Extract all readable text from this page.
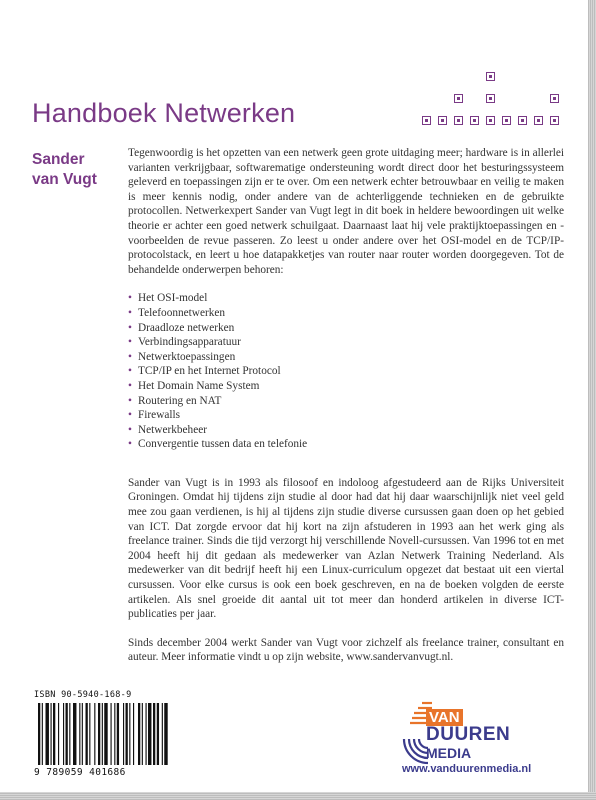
Handboek Netwerken
Sander
van Vugt

Tegenwoordig is het opzetten van een netwerk geen grote uitdaging meer; hardware is in allerlei varianten verkrijgbaar, softwarematige ondersteuning wordt direct door het besturingssysteem geleverd en toepassingen zijn er te over. Om een netwerk echter betrouwbaar en veilig te maken is meer kennis nodig, onder andere van de achterliggende technieken en de gebruikte protocollen. Netwerkexpert Sander van Vugt legt in dit boek in heldere bewoordingen uit welke theorie er achter een goed netwerk schuilgaat. Daarnaast laat hij vele praktijktoepassingen en -voorbeelden de revue passeren. Zo leest u onder andere over het OSI-model en de TCP/IP-protocolstack, en leert u hoe datapakketjes van router naar router worden doorgegeven. Tot de behandelde onderwerpen behoren:

• Het OSI-model
• Telefoonnetwerken
• Draadloze netwerken
• Verbindingsapparatuur
• Netwerktoepassingen
• TCP/IP en het Internet Protocol
• Het Domain Name System
• Routering en NAT
• Firewalls
• Netwerkbeheer
• Convergentie tussen data en telefonie

Sander van Vugt is in 1993 als filosoof en indoloog afgestudeerd aan de Rijks Universiteit Groningen. Omdat hij tijdens zijn studie al door had dat hij daar waarschijnlijk niet veel geld mee zou gaan verdienen, is hij al tijdens zijn studie diverse cursussen gaan doen op het gebied van ICT. Dat zorgde ervoor dat hij kort na zijn afstuderen in 1993 aan het werk ging als freelance trainer. Sinds die tijd verzorgt hij verschillende Novell-cursussen. Van 1996 tot en met 2004 heeft hij dit gedaan als medewerker van Azlan Netwerk Training Nederland. Als medewerker van dit bedrijf heeft hij een Linux-curriculum opgezet dat bestaat uit een viertal cursussen. Voor elke cursus is ook een boek geschreven, en na de boeken volgden de eerste artikelen. Als snel groeide dit aantal uit tot meer dan honderd artikelen in diverse ICT-publicaties per jaar.

Sinds december 2004 werkt Sander van Vugt voor zichzelf als freelance trainer, consultant en auteur. Meer informatie vindt u op zijn website, www.sandervanvugt.nl.

ISBN 90-5940-168-9
9 789059 401686
VAN
DUUREN
MEDIA
www.vanduurenmedia.nl
